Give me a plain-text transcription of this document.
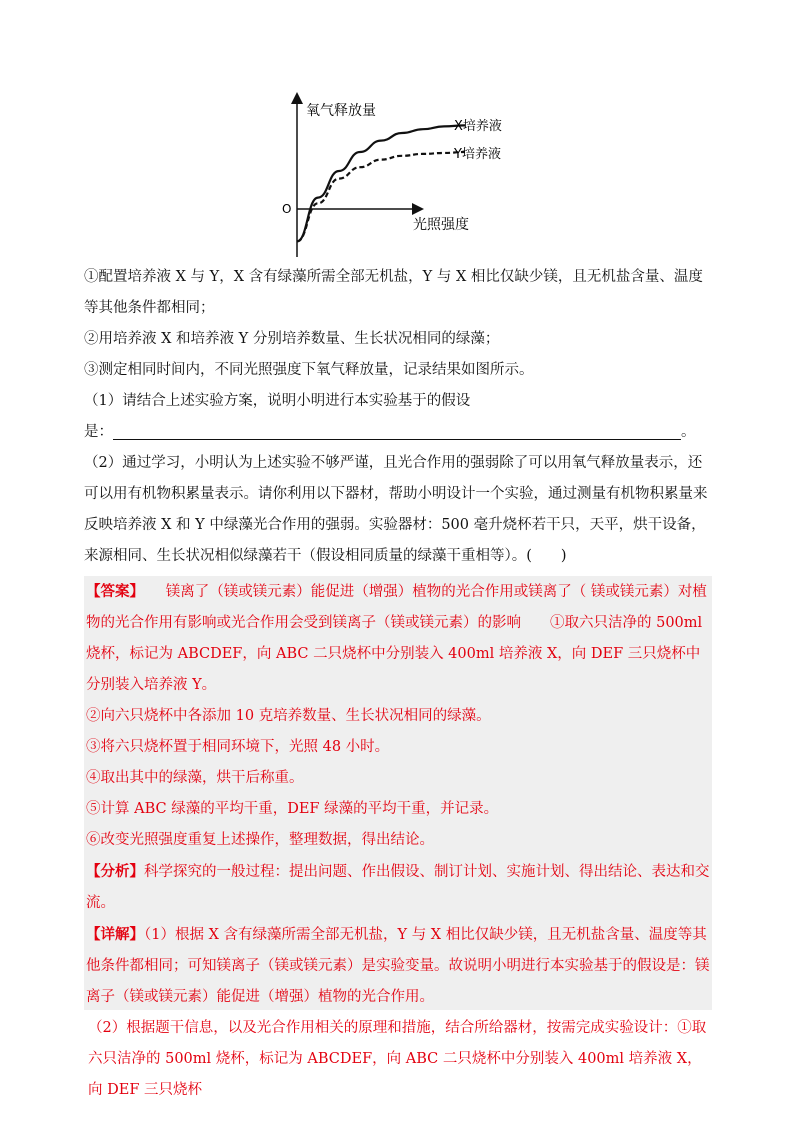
氧气释放量
光照强度
O
X培养液
Y培养液

①配置培养液 X 与 Y，X 含有绿藻所需全部无机盐，Y 与 X 相比仅缺少镁，且无机盐含量、温度等其他条件都相同；

②用培养液 X 和培养液 Y 分别培养数量、生长状况相同的绿藻；

③测定相同时间内，不同光照强度下氧气释放量，记录结果如图所示。

（1）请结合上述实验方案，说明小明进行本实验基于的假设

是：	。

（2）通过学习，小明认为上述实验不够严谨，且光合作用的强弱除了可以用氧气释放量表示，还可以用有机物积累量表示。请你利用以下器材，帮助小明设计一个实验，通过测量有机物积累量来反映培养液 X 和 Y 中绿藻光合作用的强弱。实验器材：500 毫升烧杯若干只，天平，烘干设备，来源相同、生长状况相似绿藻若干（假设相同质量的绿藻干重相等）。(　　)

【答案】　　镁离了（镁或镁元素）能促进（增强）植物的光合作用或镁离了（ 镁或镁元素）对植物的光合作用有影响或光合作用会受到镁离子（镁或镁元素）的影响　　①取六只洁净的 500ml 烧杯，标记为 ABCDEF，向 ABC 二只烧杯中分别装入 400ml 培养液 X，向 DEF 三只烧杯中分别装入培养液 Y。

②向六只烧杯中各添加 10 克培养数量、生长状况相同的绿藻。

③将六只烧杯置于相同环境下，光照 48 小时。

④取出其中的绿藻，烘干后称重。

⑤计算 ABC 绿藻的平均干重，DEF 绿藻的平均干重，并记录。

⑥改变光照强度重复上述操作，整理数据，得出结论。

【分析】科学探究的一般过程：提出问题、作出假设、制订计划、实施计划、得出结论、表达和交流。

【详解】（1）根据 X 含有绿藻所需全部无机盐，Y 与 X 相比仅缺少镁，且无机盐含量、温度等其他条件都相同；可知镁离子（镁或镁元素）是实验变量。故说明小明进行本实验基于的假设是：镁离子（镁或镁元素）能促进（增强）植物的光合作用。

（2）根据题干信息，以及光合作用相关的原理和措施，结合所给器材，按需完成实验设计：①取六只洁净的 500ml 烧杯，标记为 ABCDEF，向 ABC 二只烧杯中分别装入 400ml 培养液 X，向 DEF 三只烧杯
